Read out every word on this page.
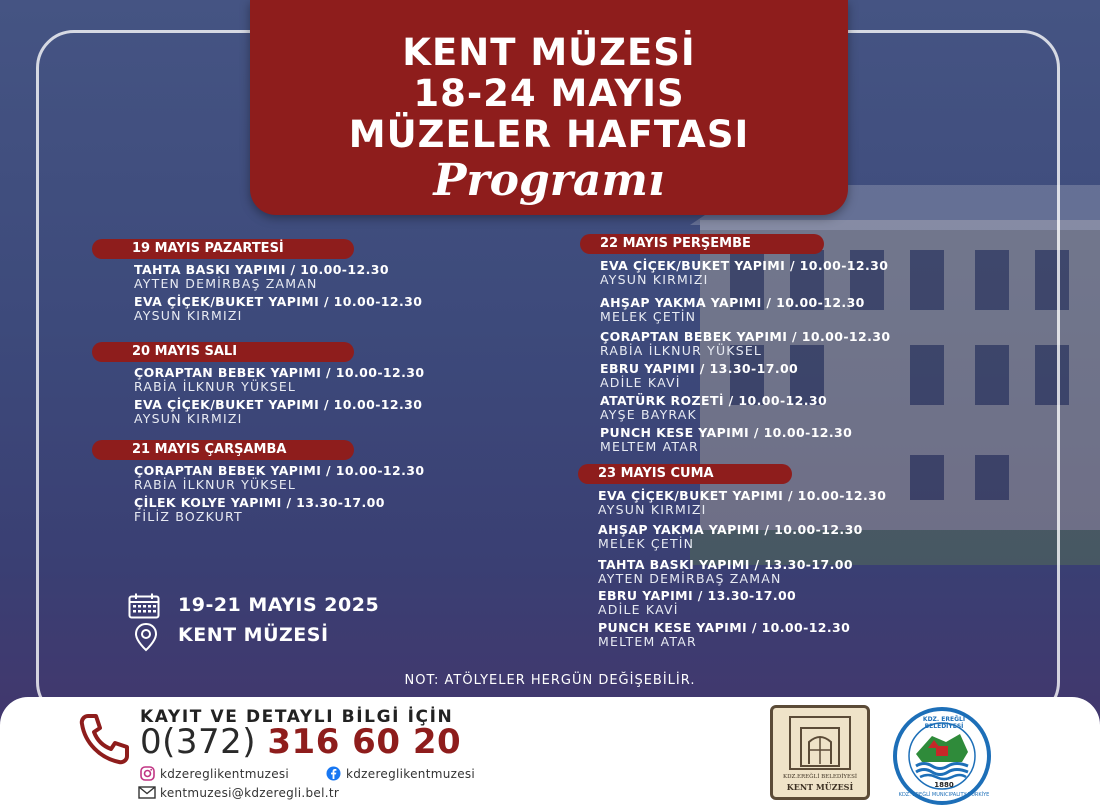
KENT MÜZESİ
18-24 MAYIS
MÜZELER HAFTASI
Programı
19 MAYIS PAZARTESİ
TAHTA BASKI YAPIMI / 10.00-12.30
AYTEN DEMİRBAŞ ZAMAN
EVA ÇİÇEK/BUKET YAPIMI / 10.00-12.30
AYSUN KIRMIZI
20 MAYIS SALI
ÇORAPTAN BEBEK YAPIMI / 10.00-12.30
RABİA İLKNUR YÜKSEL
EVA ÇİÇEK/BUKET YAPIMI / 10.00-12.30
AYSUN KIRMIZI
21 MAYIS ÇARŞAMBA
ÇORAPTAN BEBEK YAPIMI / 10.00-12.30
RABİA İLKNUR YÜKSEL
ÇİLEK KOLYE YAPIMI / 13.30-17.00
FİLİZ BOZKURT
22 MAYIS PERŞEMBE
EVA ÇİÇEK/BUKET YAPIMI / 10.00-12.30
AYSUN KIRMIZI
AHŞAP YAKMA YAPIMI / 10.00-12.30
MELEK ÇETİN
ÇORAPTAN BEBEK YAPIMI / 10.00-12.30
RABİA İLKNUR YÜKSEL
EBRU YAPIMI / 13.30-17.00
ADİLE KAVİ
ATATÜRK ROZETİ / 10.00-12.30
AYŞE BAYRAK
PUNCH KESE YAPIMI / 10.00-12.30
MELTEM ATAR
23 MAYIS CUMA
EVA ÇİÇEK/BUKET YAPIMI / 10.00-12.30
AYSUN KIRMIZI
AHŞAP YAKMA YAPIMI / 10.00-12.30
MELEK ÇETİN
TAHTA BASKI YAPIMI / 13.30-17.00
AYTEN DEMİRBAŞ ZAMAN
EBRU YAPIMI / 13.30-17.00
ADİLE KAVİ
PUNCH KESE YAPIMI / 10.00-12.30
MELTEM ATAR
19-21 MAYIS 2025
KENT MÜZESİ
NOT: ATÖLYELER HERGÜN DEĞİŞEBİLİR.
KAYIT VE DETAYLI BİLGİ İÇİN
0(372) 316 60 20
kdzereglikentmuzesi	kdzereglikentmuzesi
kentmuzesi@kdzeregli.bel.tr
KDZ.EREĞLİ BELEDİYESİ
KENT MÜZESİ
KDZ. EREĞLİ BELEDİYESİ
KDZ. EREĞLİ MUNICIPALITY TÜRKİYE
1880
